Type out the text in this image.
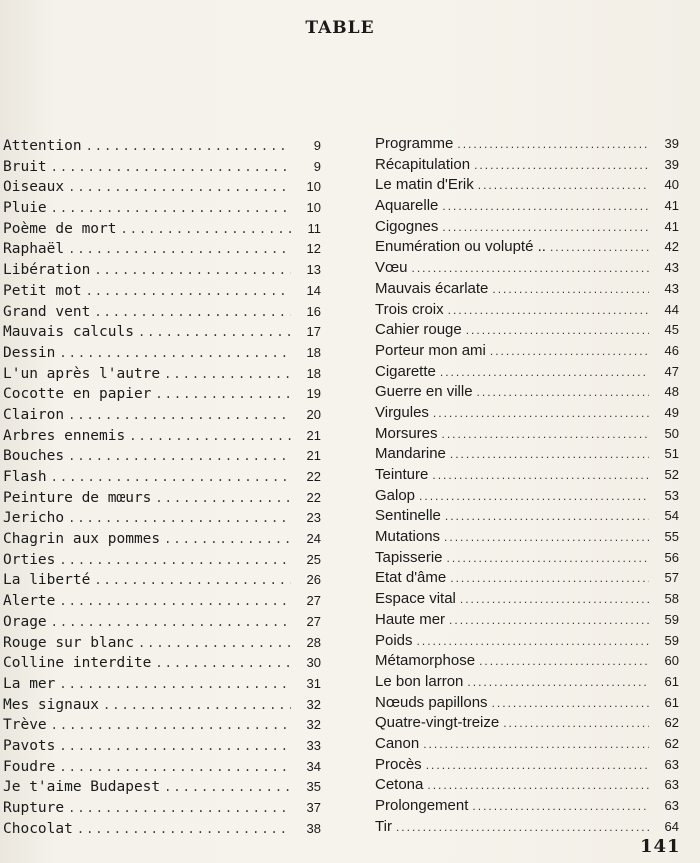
TABLE
Attention .....	9
Bruit .....	9
Oiseaux .....	10
Pluie .....	10
Poème de mort .....	11
Raphaël .....	12
Libération .....	13
Petit mot .....	14
Grand vent .....	16
Mauvais calculs .....	17
Dessin .....	18
L'un après l'autre .....	18
Cocotte en papier .....	19
Clairon .....	20
Arbres ennemis .....	21
Bouches .....	21
Flash .....	22
Peinture de mœurs .....	22
Jericho .....	23
Chagrin aux pommes .....	24
Orties .....	25
La liberté .....	26
Alerte .....	27
Orage .....	27
Rouge sur blanc .....	28
Colline interdite .....	30
La mer .....	31
Mes signaux .....	32
Trève .....	32
Pavots .....	33
Foudre .....	34
Je t'aime Budapest .....	35
Rupture .....	37
Chocolat .....	38
Programme .....	39
Récapitulation .....	39
Le matin d'Erik .....	40
Aquarelle .....	41
Cigognes .....	41
Enumération ou volupté .. .....	42
Vœu .....	43
Mauvais écarlate .....	43
Trois croix .....	44
Cahier rouge .....	45
Porteur mon ami .....	46
Cigarette .....	47
Guerre en ville .....	48
Virgules .....	49
Morsures .....	50
Mandarine .....	51
Teinture .....	52
Galop .....	53
Sentinelle .....	54
Mutations .....	55
Tapisserie .....	56
Etat d'âme .....	57
Espace vital .....	58
Haute mer .....	59
Poids .....	59
Métamorphose .....	60
Le bon larron .....	61
Nœuds papillons .....	61
Quatre-vingt-treize .....	62
Canon .....	62
Procès .....	63
Cetona .....	63
Prolongement .....	63
Tir .....	64
141
